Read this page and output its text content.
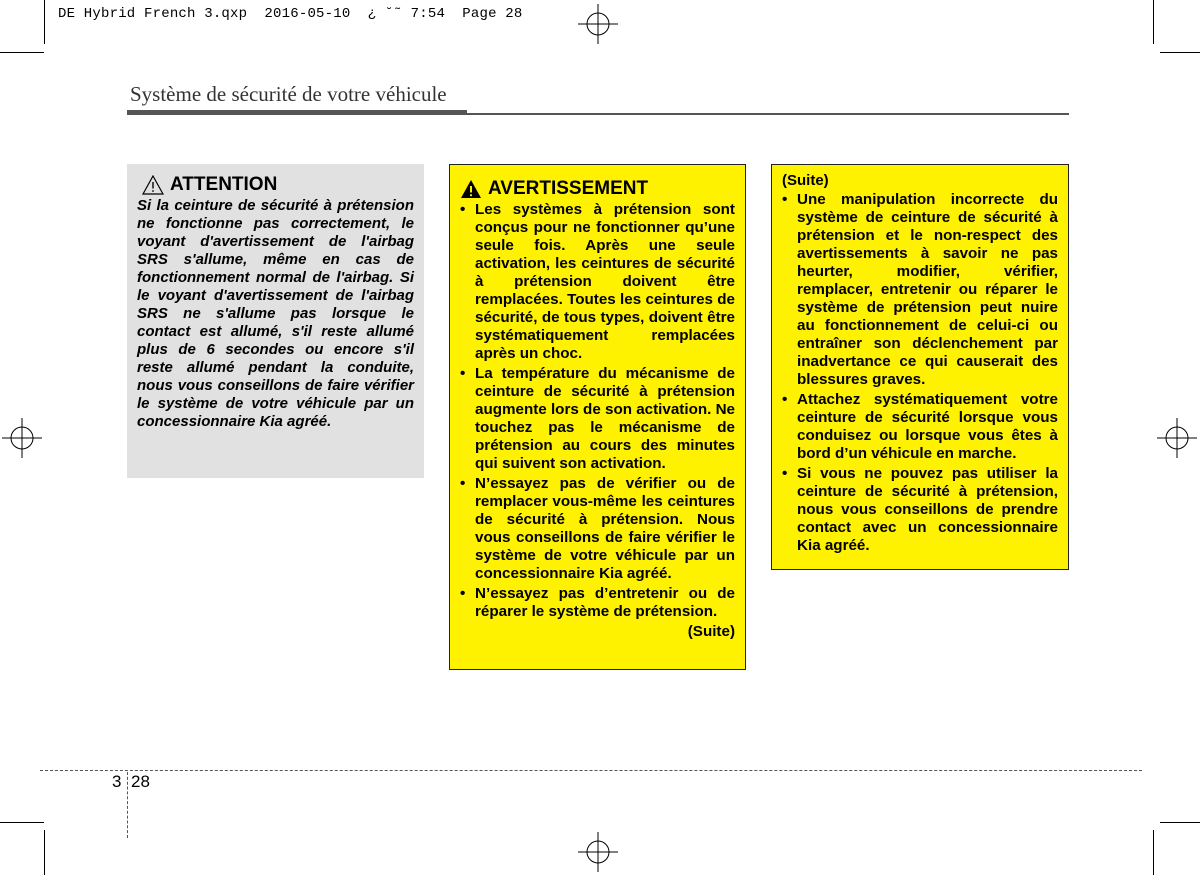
DE Hybrid French 3.qxp  2016-05-10  ¿ ˘˜ 7:54  Page 28
Système de sécurité de votre véhicule
ATTENTION
Si la ceinture de sécurité à prétension ne fonctionne pas correctement, le voyant d'avertissement de l'airbag SRS s'allume, même en cas de fonctionnement normal de l'airbag. Si le voyant d'avertissement de l'airbag SRS ne s'allume pas lorsque le contact est allumé, s'il reste allumé plus de 6 secondes ou encore s'il reste allumé pendant la conduite, nous vous conseillons de faire vérifier le système de votre véhicule par un concessionnaire Kia agréé.
AVERTISSEMENT
• Les systèmes à prétension sont conçus pour ne fonctionner qu’une seule fois. Après une seule activation, les ceintures de sécurité à prétension doivent être remplacées. Toutes les ceintures de sécurité, de tous types, doivent être systématiquement remplacées après un choc.
• La température du mécanisme de ceinture de sécurité à prétension augmente lors de son activation. Ne touchez pas le mécanisme de prétension au cours des minutes qui suivent son activation.
• N’essayez pas de vérifier ou de remplacer vous-même les ceintures de sécurité à prétension. Nous vous conseillons de faire vérifier le système de votre véhicule par un concessionnaire Kia agréé.
• N’essayez pas d’entretenir ou de réparer le système de prétension.
(Suite)
(Suite)
• Une manipulation incorrecte du système de ceinture de sécurité à prétension et le non-respect des avertissements à savoir ne pas heurter, modifier, vérifier, remplacer, entretenir ou réparer le système de prétension peut nuire au fonctionnement de celui-ci ou entraîner son déclenchement par inadvertance ce qui causerait des blessures graves.
• Attachez systématiquement votre ceinture de sécurité lorsque vous conduisez ou lorsque vous êtes à bord d’un véhicule en marche.
• Si vous ne pouvez pas utiliser la ceinture de sécurité à prétension, nous vous conseillons de prendre contact avec un concessionnaire Kia agréé.
3 28
